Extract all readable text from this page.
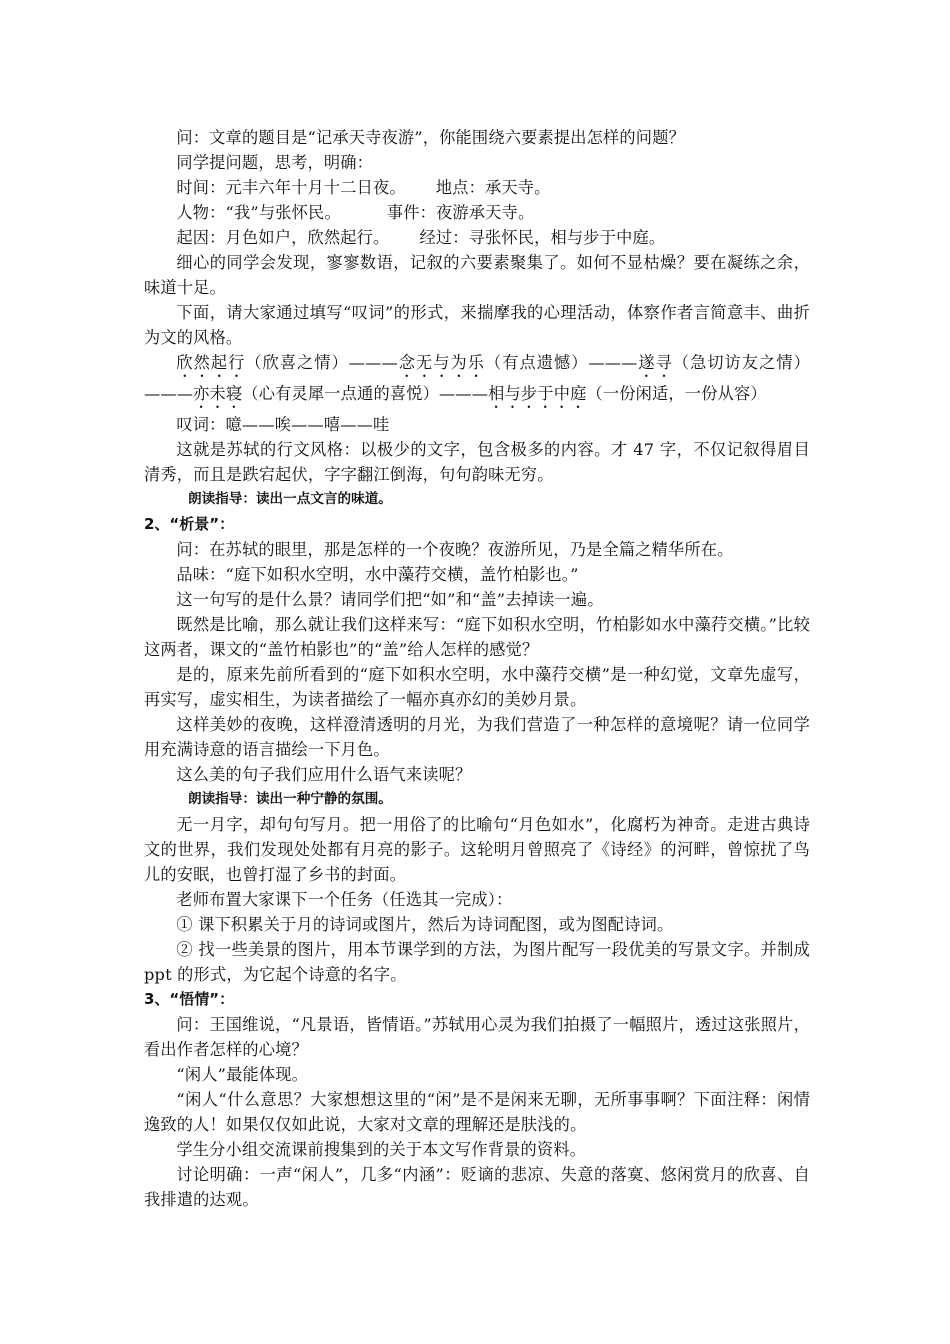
问：文章的题目是“记承天寺夜游”，你能围绕六要素提出怎样的问题？

同学提问题，思考，明确：

时间：元丰六年十月十二日夜。 地点：承天寺。

人物：“我”与张怀民。	事件：夜游承天寺。

起因：月色如户，欣然起行。 经过：寻张怀民，相与步于中庭。

细心的同学会发现，寥寥数语，记叙的六要素聚集了。如何不显枯燥？要在凝练之余，味道十足。

下面，请大家通过填写“叹词”的形式，来揣摩我的心理活动，体察作者言简意丰、曲折为文的风格。

欣然起行（欣喜之情）———念无与为乐（有点遗憾）———遂寻（急切访友之情）———亦未寝（心有灵犀一点通的喜悦）———相与步于中庭（一份闲适，一份从容）

叹词：噫——唉——嘻——哇

这就是苏轼的行文风格：以极少的文字，包含极多的内容。才 47 字，不仅记叙得眉目清秀，而且是跌宕起伏，字字翻江倒海，句句韵味无穷。

朗读指导：读出一点文言的味道。

2、“析景”：

问：在苏轼的眼里，那是怎样的一个夜晚？夜游所见，乃是全篇之精华所在。

品味：“庭下如积水空明，水中藻荇交横，盖竹柏影也。”

这一句写的是什么景？请同学们把“如”和“盖”去掉读一遍。

既然是比喻，那么就让我们这样来写：“庭下如积水空明，竹柏影如水中藻荇交横。”比较这两者，课文的“盖竹柏影也”的“盖”给人怎样的感觉？

是的，原来先前所看到的“庭下如积水空明，水中藻荇交横”是一种幻觉，文章先虚写，再实写，虚实相生，为读者描绘了一幅亦真亦幻的美妙月景。

这样美妙的夜晚，这样澄清透明的月光，为我们营造了一种怎样的意境呢？请一位同学用充满诗意的语言描绘一下月色。

这么美的句子我们应用什么语气来读呢？

朗读指导：读出一种宁静的氛围。

无一月字，却句句写月。把一用俗了的比喻句“月色如水”，化腐朽为神奇。走进古典诗文的世界，我们发现处处都有月亮的影子。这轮明月曾照亮了《诗经》的河畔，曾惊扰了鸟儿的安眠，也曾打湿了乡书的封面。

老师布置大家课下一个任务（任选其一完成）：

① 课下积累关于月的诗词或图片，然后为诗词配图，或为图配诗词。

② 找一些美景的图片，用本节课学到的方法，为图片配写一段优美的写景文字。并制成 ppt 的形式，为它起个诗意的名字。

3、“悟情”：

问：王国维说，“凡景语，皆情语。”苏轼用心灵为我们拍摄了一幅照片，透过这张照片，看出作者怎样的心境？

“闲人”最能体现。

“闲人“什么意思？大家想想这里的“闲”是不是闲来无聊，无所事事啊？下面注释：闲情逸致的人！如果仅仅如此说，大家对文章的理解还是肤浅的。

学生分小组交流课前搜集到的关于本文写作背景的资料。

讨论明确：一声“闲人”，几多“内涵”：贬谪的悲凉、失意的落寞、悠闲赏月的欣喜、自我排遣的达观。
